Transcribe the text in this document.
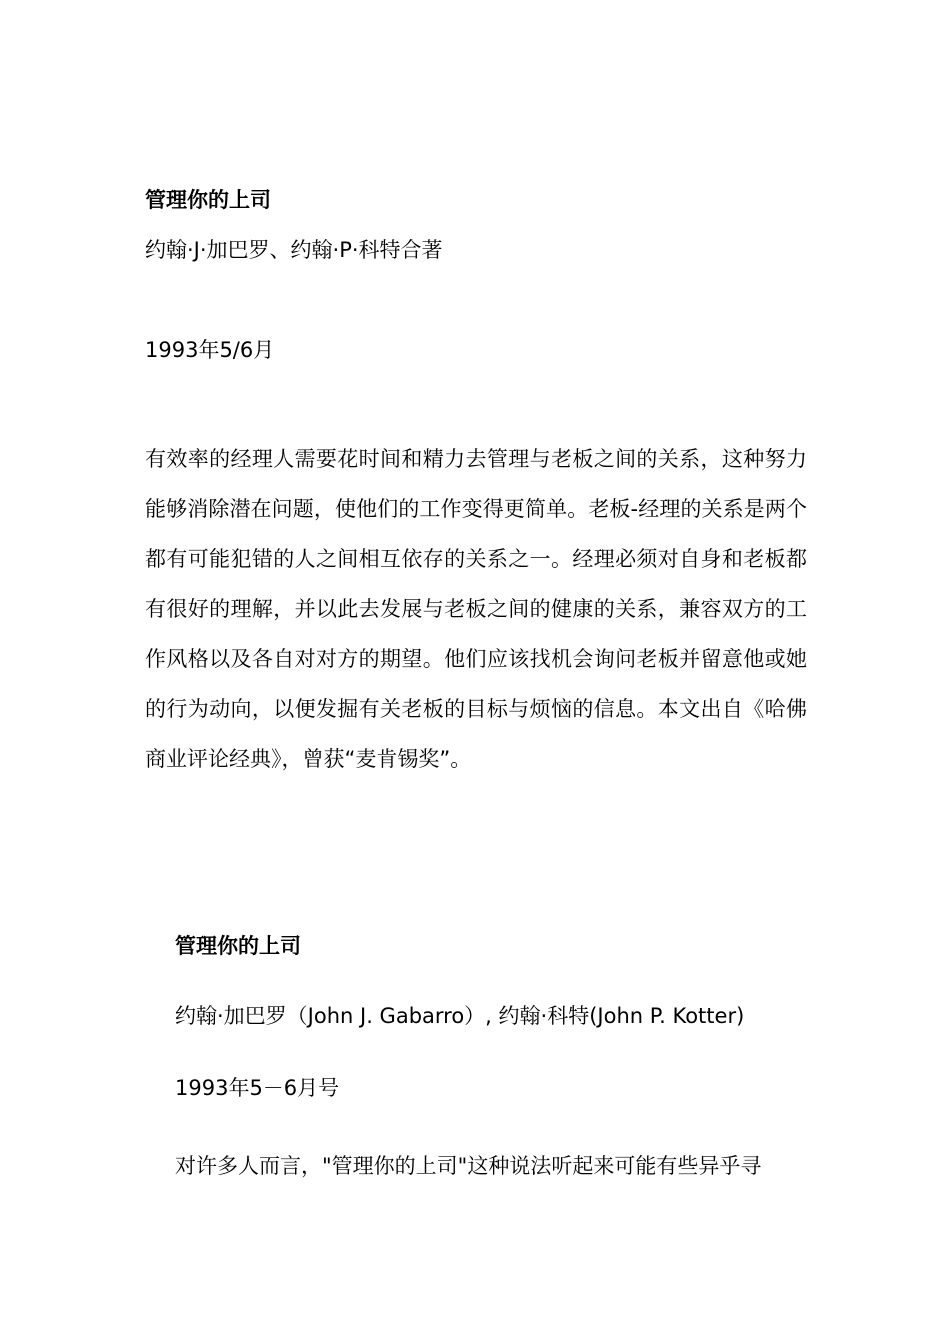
管理你的上司

约翰·J·加巴罗、约翰·P·科特合著

1993年5/6月

有效率的经理人需要花时间和精力去管理与老板之间的关系，这种努力能够消除潜在问题，使他们的工作变得更简单。老板-经理的关系是两个都有可能犯错的人之间相互依存的关系之一。经理必须对自身和老板都有很好的理解，并以此去发展与老板之间的健康的关系，兼容双方的工作风格以及各自对对方的期望。他们应该找机会询问老板并留意他或她的行为动向，以便发掘有关老板的目标与烦恼的信息。本文出自《哈佛商业评论经典》，曾获“麦肯锡奖”。

管理你的上司

约翰·加巴罗（John J. Gabarro）, 约翰·科特(John P. Kotter)

1993年5－6月号

对许多人而言，"管理你的上司"这种说法听起来可能有些异乎寻
